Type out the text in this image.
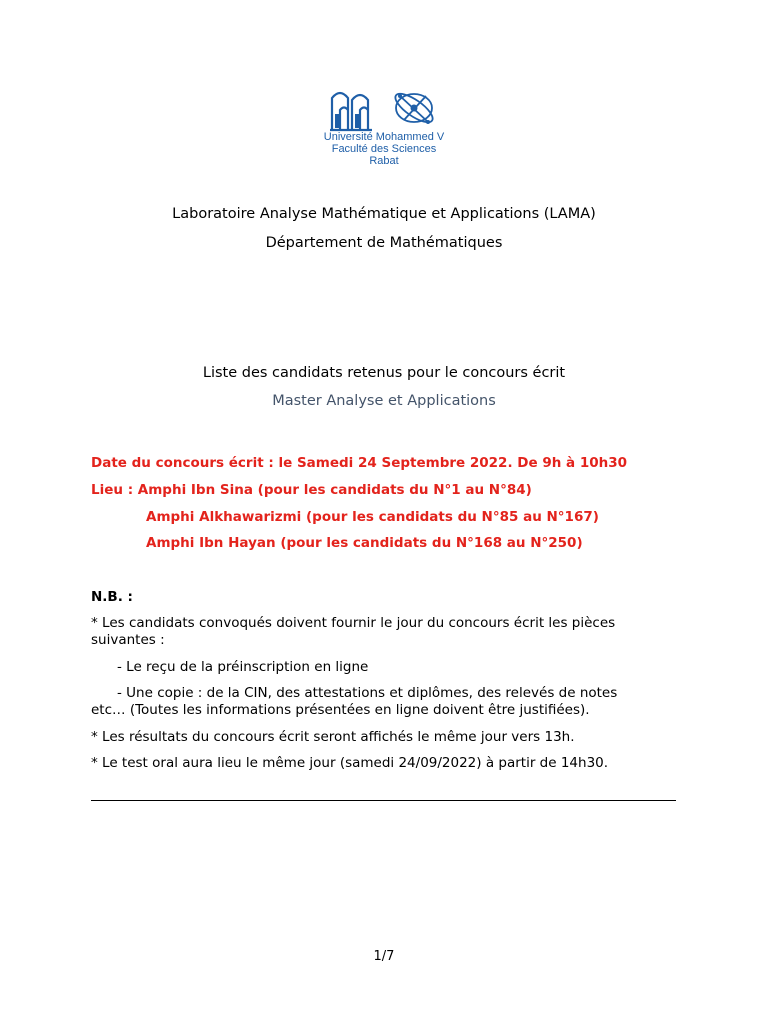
Université Mohammed V
Faculté des Sciences
Rabat
Laboratoire Analyse Mathématique et Applications (LAMA)
Département de Mathématiques
Liste des candidats retenus pour le concours écrit
Master Analyse et Applications
Date du concours écrit : le Samedi 24 Septembre 2022. De 9h à 10h30
Lieu : Amphi Ibn Sina (pour les candidats du N°1 au N°84)
Amphi Alkhawarizmi (pour les candidats du N°85 au N°167)
Amphi Ibn Hayan (pour les candidats du N°168 au N°250)
N.B. :
* Les candidats convoqués doivent fournir le jour du concours écrit les pièces
suivantes :
- Le reçu de la préinscription en ligne
- Une copie : de la CIN, des attestations et diplômes, des relevés de notes
etc… (Toutes les informations présentées en ligne doivent être justifiées).
* Les résultats du concours écrit seront affichés le même jour vers 13h.
* Le test oral aura lieu le même jour (samedi 24/09/2022) à partir de 14h30.
1/7
